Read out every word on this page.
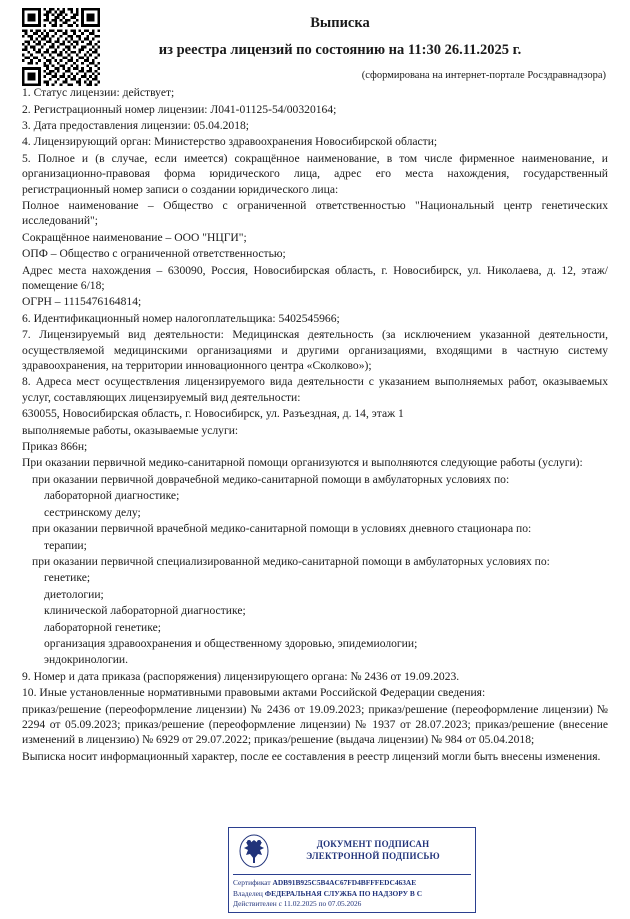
Выписка
из реестра лицензий по состоянию на 11:30 26.11.2025 г.
(сформирована на интернет-портале Росздравнадзора)

1. Статус лицензии: действует;

2. Регистрационный номер лицензии: Л041-01125-54/00320164;

3. Дата предоставления лицензии: 05.04.2018;

4. Лицензирующий орган: Министерство здравоохранения Новосибирской области;

5. Полное и (в случае, если имеется) сокращённое наименование, в том числе фирменное наименование, и организационно-правовая форма юридического лица, адрес его места нахождения, государственный регистрационный номер записи о создании юридического лица:

Полное наименование – Общество с ограниченной ответственностью "Национальный центр генетических исследований";

Сокращённое наименование – ООО "НЦГИ";

ОПФ – Общество с ограниченной ответственностью;

Адрес места нахождения – 630090, Россия, Новосибирская область, г. Новосибирск, ул. Николаева, д. 12, этаж/помещение 6/18;

ОГРН – 1115476164814;

6. Идентификационный номер налогоплательщика: 5402545966;

7. Лицензируемый вид деятельности: Медицинская деятельность (за исключением указанной деятельности, осуществляемой медицинскими организациями и другими организациями, входящими в частную систему здравоохранения, на территории инновационного центра «Сколково»);

8. Адреса мест осуществления лицензируемого вида деятельности с указанием выполняемых работ, оказываемых услуг, составляющих лицензируемый вид деятельности:

630055, Новосибирская область, г. Новосибирск, ул. Разъездная, д. 14, этаж 1

выполняемые работы, оказываемые услуги:

Приказ 866н;

При оказании первичной медико-санитарной помощи организуются и выполняются следующие работы (услуги):

при оказании первичной доврачебной медико-санитарной помощи в амбулаторных условиях по:

лабораторной диагностике;

сестринскому делу;

при оказании первичной врачебной медико-санитарной помощи в условиях дневного стационара по:

терапии;

при оказании первичной специализированной медико-санитарной помощи в амбулаторных условиях по:

генетике;

диетологии;

клинической лабораторной диагностике;

лабораторной генетике;

организация здравоохранения и общественному здоровью, эпидемиологии;

эндокринологии.

9. Номер и дата приказа (распоряжения) лицензирующего органа: № 2436 от 19.09.2023.

10. Иные установленные нормативными правовыми актами Российской Федерации сведения:

приказ/решение (переоформление лицензии) № 2436 от 19.09.2023; приказ/решение (переоформление лицензии) № 2294 от 05.09.2023; приказ/решение (переоформление лицензии) № 1937 от 28.07.2023; приказ/решение (внесение изменений в лицензию) № 6929 от 29.07.2022; приказ/решение (выдача лицензии) № 984 от 05.04.2018;

Выписка носит информационный характер, после ее составления в реестр лицензий могли быть внесены изменения.

ДОКУМЕНТ ПОДПИСАН
ЭЛЕКТРОННОЙ ПОДПИСЬЮ
Сертификат ADB91B925C5B4AC67FD4BFFFEDC463AE
Владелец ФЕДЕРАЛЬНАЯ СЛУЖБА ПО НАДЗОРУ В С
Действителен с 11.02.2025 по 07.05.2026
